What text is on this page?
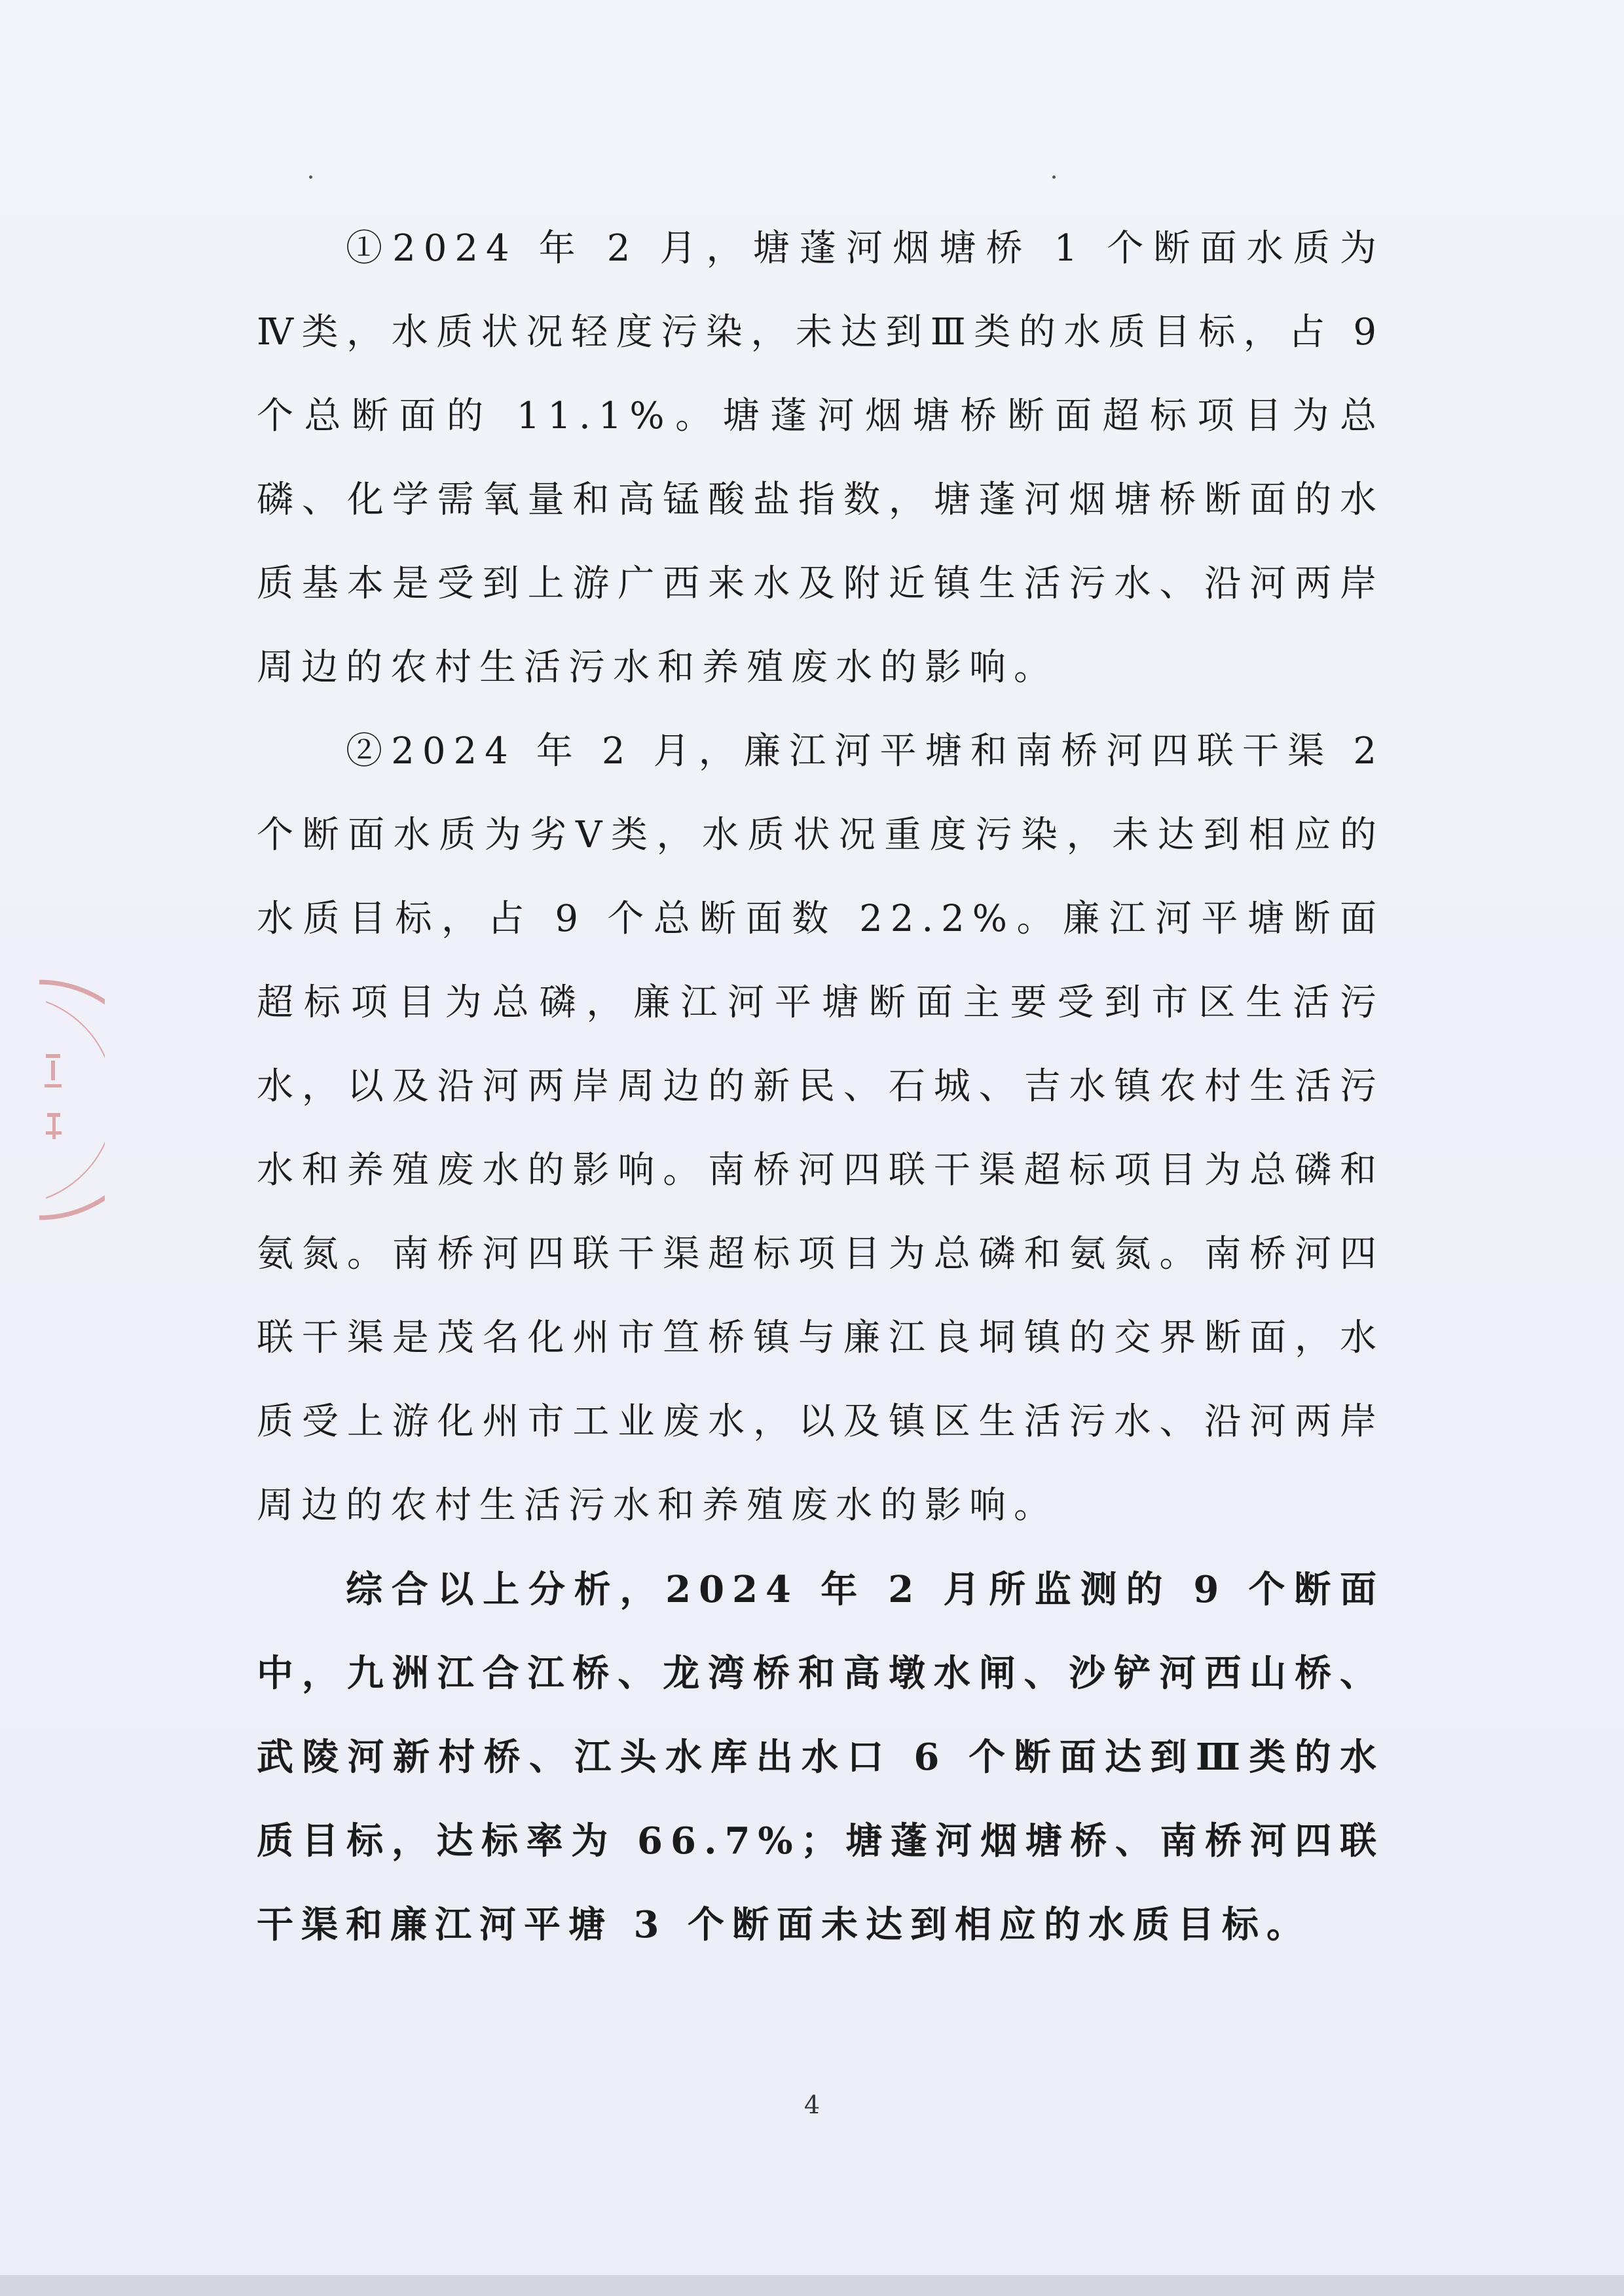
①2024 年 2 月，塘蓬河烟塘桥 1 个断面水质为Ⅳ类，水质状况轻度污染，未达到Ⅲ类的水质目标，占 9 个总断面的 11.1%。塘蓬河烟塘桥断面超标项目为总磷、化学需氧量和高锰酸盐指数，塘蓬河烟塘桥断面的水质基本是受到上游广西来水及附近镇生活污水、沿河两岸周边的农村生活污水和养殖废水的影响。

②2024 年 2 月，廉江河平塘和南桥河四联干渠 2 个断面水质为劣Ⅴ类，水质状况重度污染，未达到相应的水质目标，占 9 个总断面数 22.2%。廉江河平塘断面超标项目为总磷，廉江河平塘断面主要受到市区生活污水，以及沿河两岸周边的新民、石城、吉水镇农村生活污水和养殖废水的影响。南桥河四联干渠超标项目为总磷和氨氮。南桥河四联干渠超标项目为总磷和氨氮。南桥河四联干渠是茂名化州市笪桥镇与廉江良垌镇的交界断面，水质受上游化州市工业废水，以及镇区生活污水、沿河两岸周边的农村生活污水和养殖废水的影响。

综合以上分析，2024 年 2 月所监测的 9 个断面中，九洲江合江桥、龙湾桥和高墩水闸、沙铲河西山桥、武陵河新村桥、江头水库出水口 6 个断面达到Ⅲ类的水质目标，达标率为 66.7%；塘蓬河烟塘桥、南桥河四联干渠和廉江河平塘 3 个断面未达到相应的水质目标。

4
